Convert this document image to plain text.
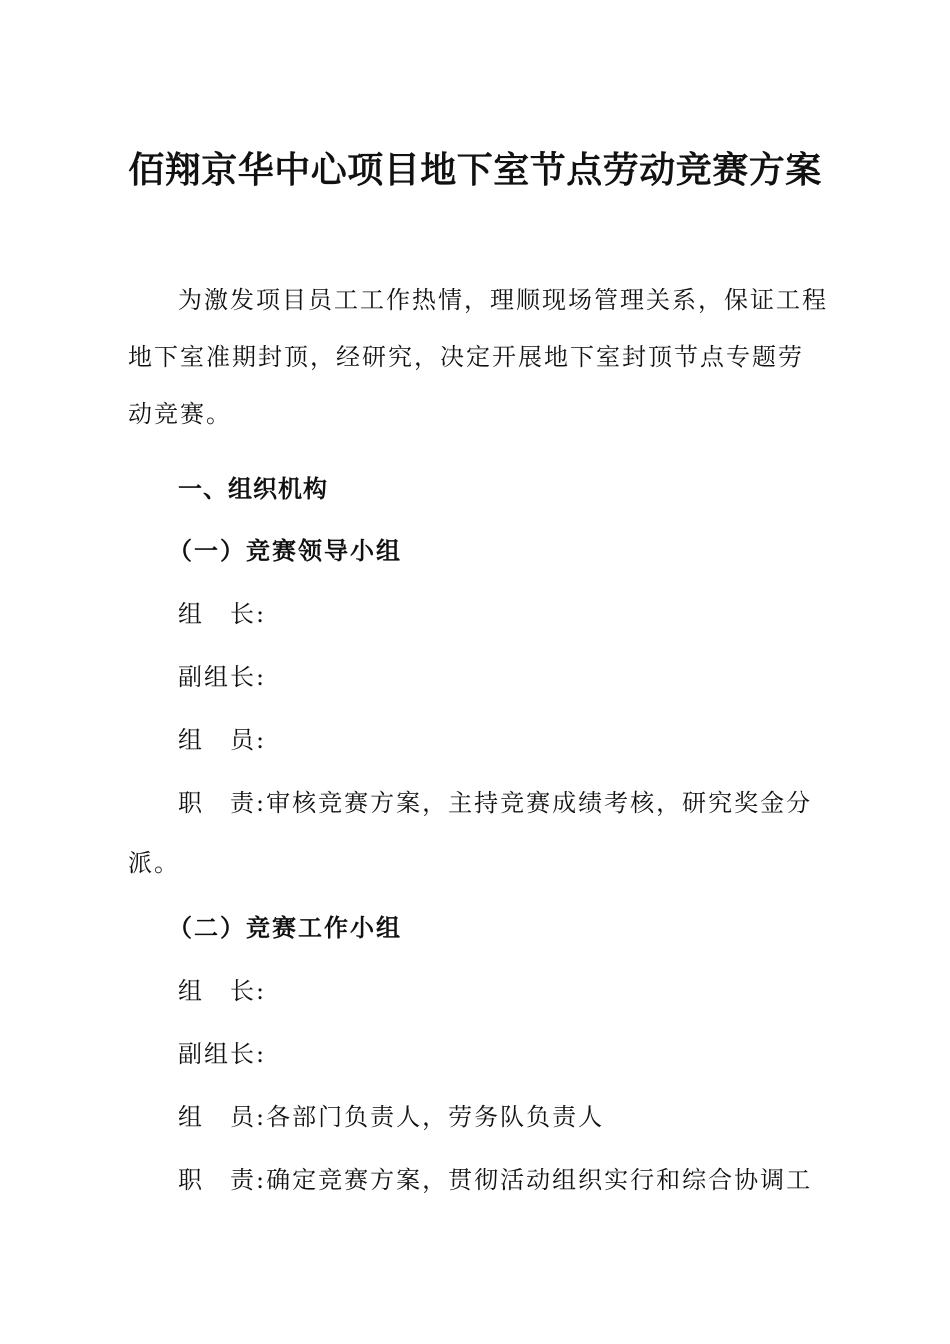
佰翔京华中心项目地下室节点劳动竞赛方案

为激发项目员工工作热情，理顺现场管理关系，保证工程地下室准期封顶，经研究，决定开展地下室封顶节点专题劳动竞赛。

一、组织机构
（一）竞赛领导小组
组　长:
副组长:
组　员:

职　责:审核竞赛方案，主持竞赛成绩考核，研究奖金分派。

（二）竞赛工作小组
组　长:
副组长:
组　员:各部门负责人，劳务队负责人
职　责:确定竞赛方案，贯彻活动组织实行和综合协调工
